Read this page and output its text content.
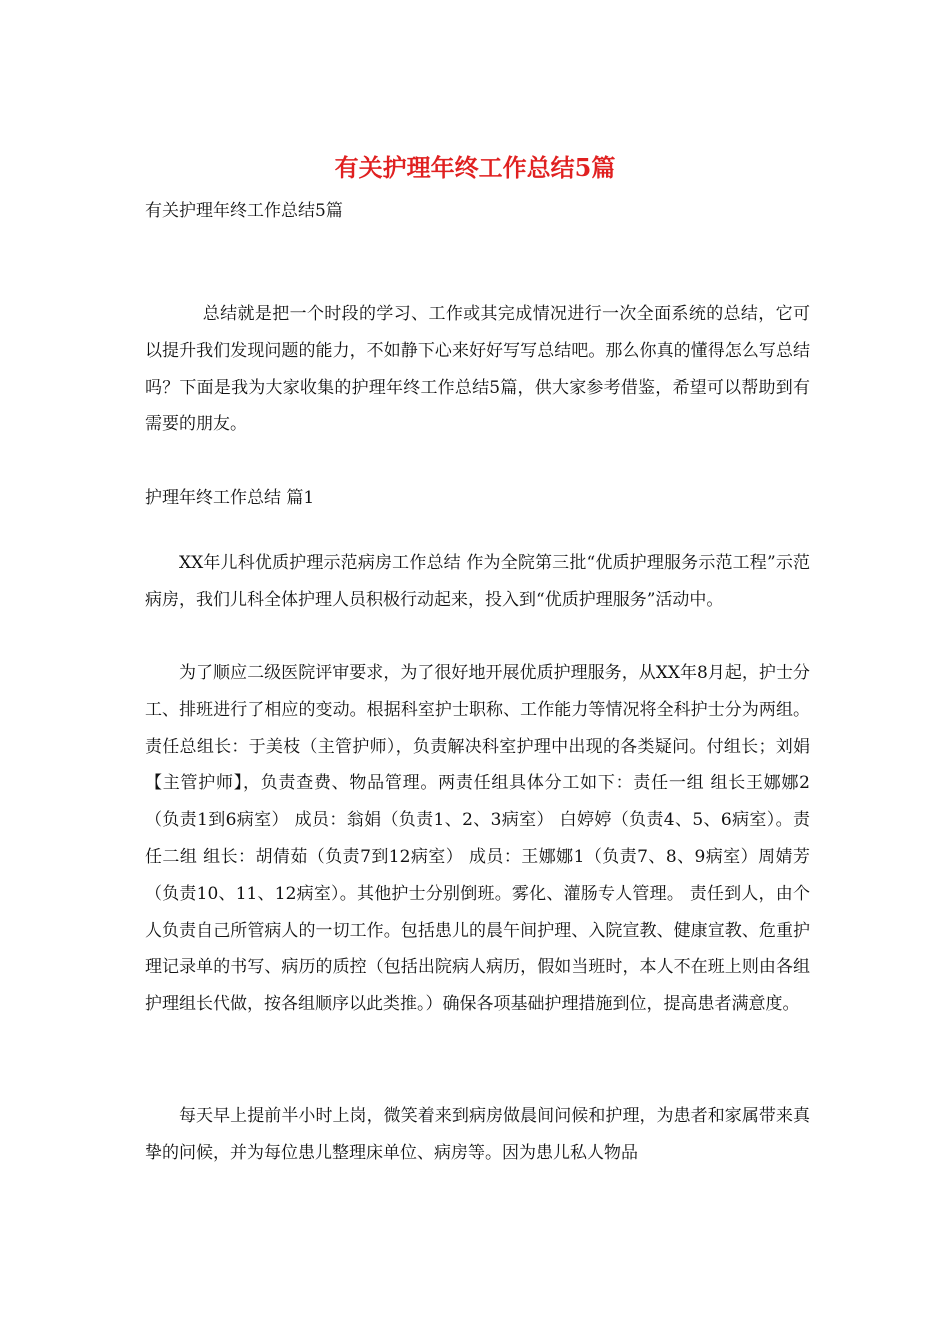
有关护理年终工作总结5篇

有关护理年终工作总结5篇

总结就是把一个时段的学习、工作或其完成情况进行一次全面系统的总结，它可以提升我们发现问题的能力，不如静下心来好好写写总结吧。那么你真的懂得怎么写总结吗？下面是我为大家收集的护理年终工作总结5篇，供大家参考借鉴，希望可以帮助到有需要的朋友。

护理年终工作总结 篇1

XX年儿科优质护理示范病房工作总结 作为全院第三批“优质护理服务示范工程”示范病房，我们儿科全体护理人员积极行动起来，投入到“优质护理服务”活动中。

为了顺应二级医院评审要求，为了很好地开展优质护理服务，从XX年8月起，护士分工、排班进行了相应的变动。根据科室护士职称、工作能力等情况将全科护士分为两组。责任总组长：于美枝（主管护师），负责解决科室护理中出现的各类疑问。付组长；刘娟【主管护师】，负责查费、物品管理。两责任组具体分工如下：责任一组 组长王娜娜2（负责1到6病室） 成员：翁娟（负责1、2、3病室） 白婷婷（负责4、5、6病室）。责任二组 组长：胡倩茹（负责7到12病室） 成员：王娜娜1（负责7、8、9病室）周婧芳（负责10、11、12病室）。其他护士分别倒班。雾化、灌肠专人管理。 责任到人，由个人负责自己所管病人的一切工作。包括患儿的晨午间护理、入院宣教、健康宣教、危重护理记录单的书写、病历的质控（包括出院病人病历，假如当班时，本人不在班上则由各组护理组长代做，按各组顺序以此类推。）确保各项基础护理措施到位，提高患者满意度。

每天早上提前半小时上岗，微笑着来到病房做晨间问候和护理，为患者和家属带来真挚的问候，并为每位患儿整理床单位、病房等。因为患儿私人物品
